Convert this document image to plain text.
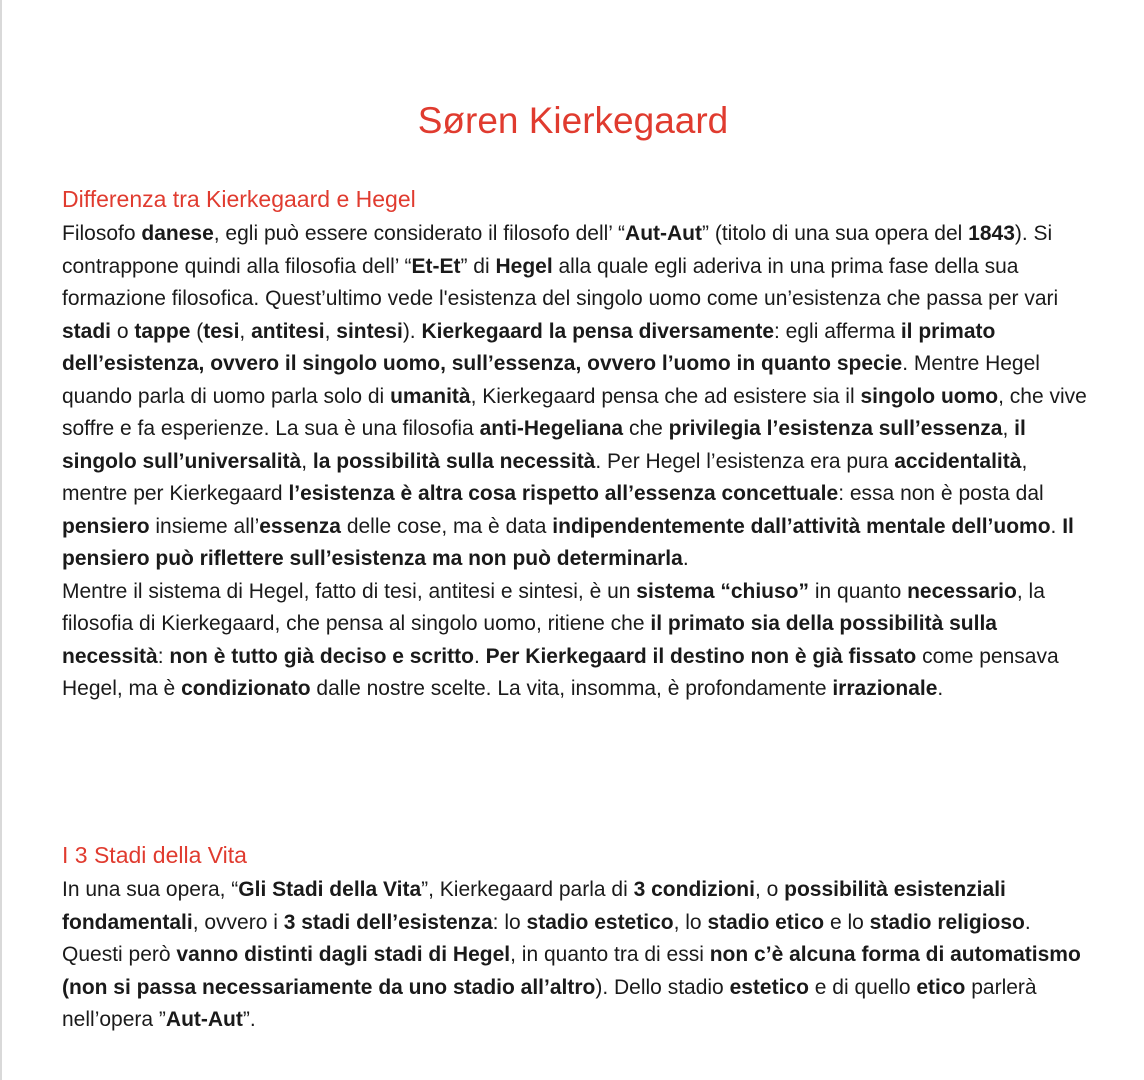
Søren Kierkegaard
Differenza tra Kierkegaard e Hegel

Filosofo danese, egli può essere considerato il filosofo dell’ “Aut-Aut” (titolo di una sua opera del 1843). Si contrappone quindi alla filosofia dell’ “Et-Et” di Hegel alla quale egli aderiva in una prima fase della sua formazione filosofica. Quest’ultimo vede l'esistenza del singolo uomo come un’esistenza che passa per vari stadi o tappe (tesi, antitesi, sintesi). Kierkegaard la pensa diversamente: egli afferma il primato dell’esistenza, ovvero il singolo uomo, sull’essenza, ovvero l’uomo in quanto specie. Mentre Hegel quando parla di uomo parla solo di umanità, Kierkegaard pensa che ad esistere sia il singolo uomo, che vive soffre e fa esperienze. La sua è una filosofia anti-Hegeliana che privilegia l’esistenza sull’essenza, il singolo sull’universalità, la possibilità sulla necessità. Per Hegel l’esistenza era pura accidentalità, mentre per Kierkegaard l’esistenza è altra cosa rispetto all’essenza concettuale: essa non è posta dal pensiero insieme all’essenza delle cose, ma è data indipendentemente dall’attività mentale dell’uomo. Il pensiero può riflettere sull’esistenza ma non può determinarla.

Mentre il sistema di Hegel, fatto di tesi, antitesi e sintesi, è un sistema “chiuso” in quanto necessario, la filosofia di Kierkegaard, che pensa al singolo uomo, ritiene che il primato sia della possibilità sulla necessità: non è tutto già deciso e scritto. Per Kierkegaard il destino non è già fissato come pensava Hegel, ma è condizionato dalle nostre scelte. La vita, insomma, è profondamente irrazionale.

I 3 Stadi della Vita

In una sua opera, “Gli Stadi della Vita”, Kierkegaard parla di 3 condizioni, o possibilità esistenziali fondamentali, ovvero i 3 stadi dell’esistenza: lo stadio estetico, lo stadio etico e lo stadio religioso. Questi però vanno distinti dagli stadi di Hegel, in quanto tra di essi non c’è alcuna forma di automatismo (non si passa necessariamente da uno stadio all’altro). Dello stadio estetico e di quello etico parlerà nell’opera ”Aut-Aut”.
